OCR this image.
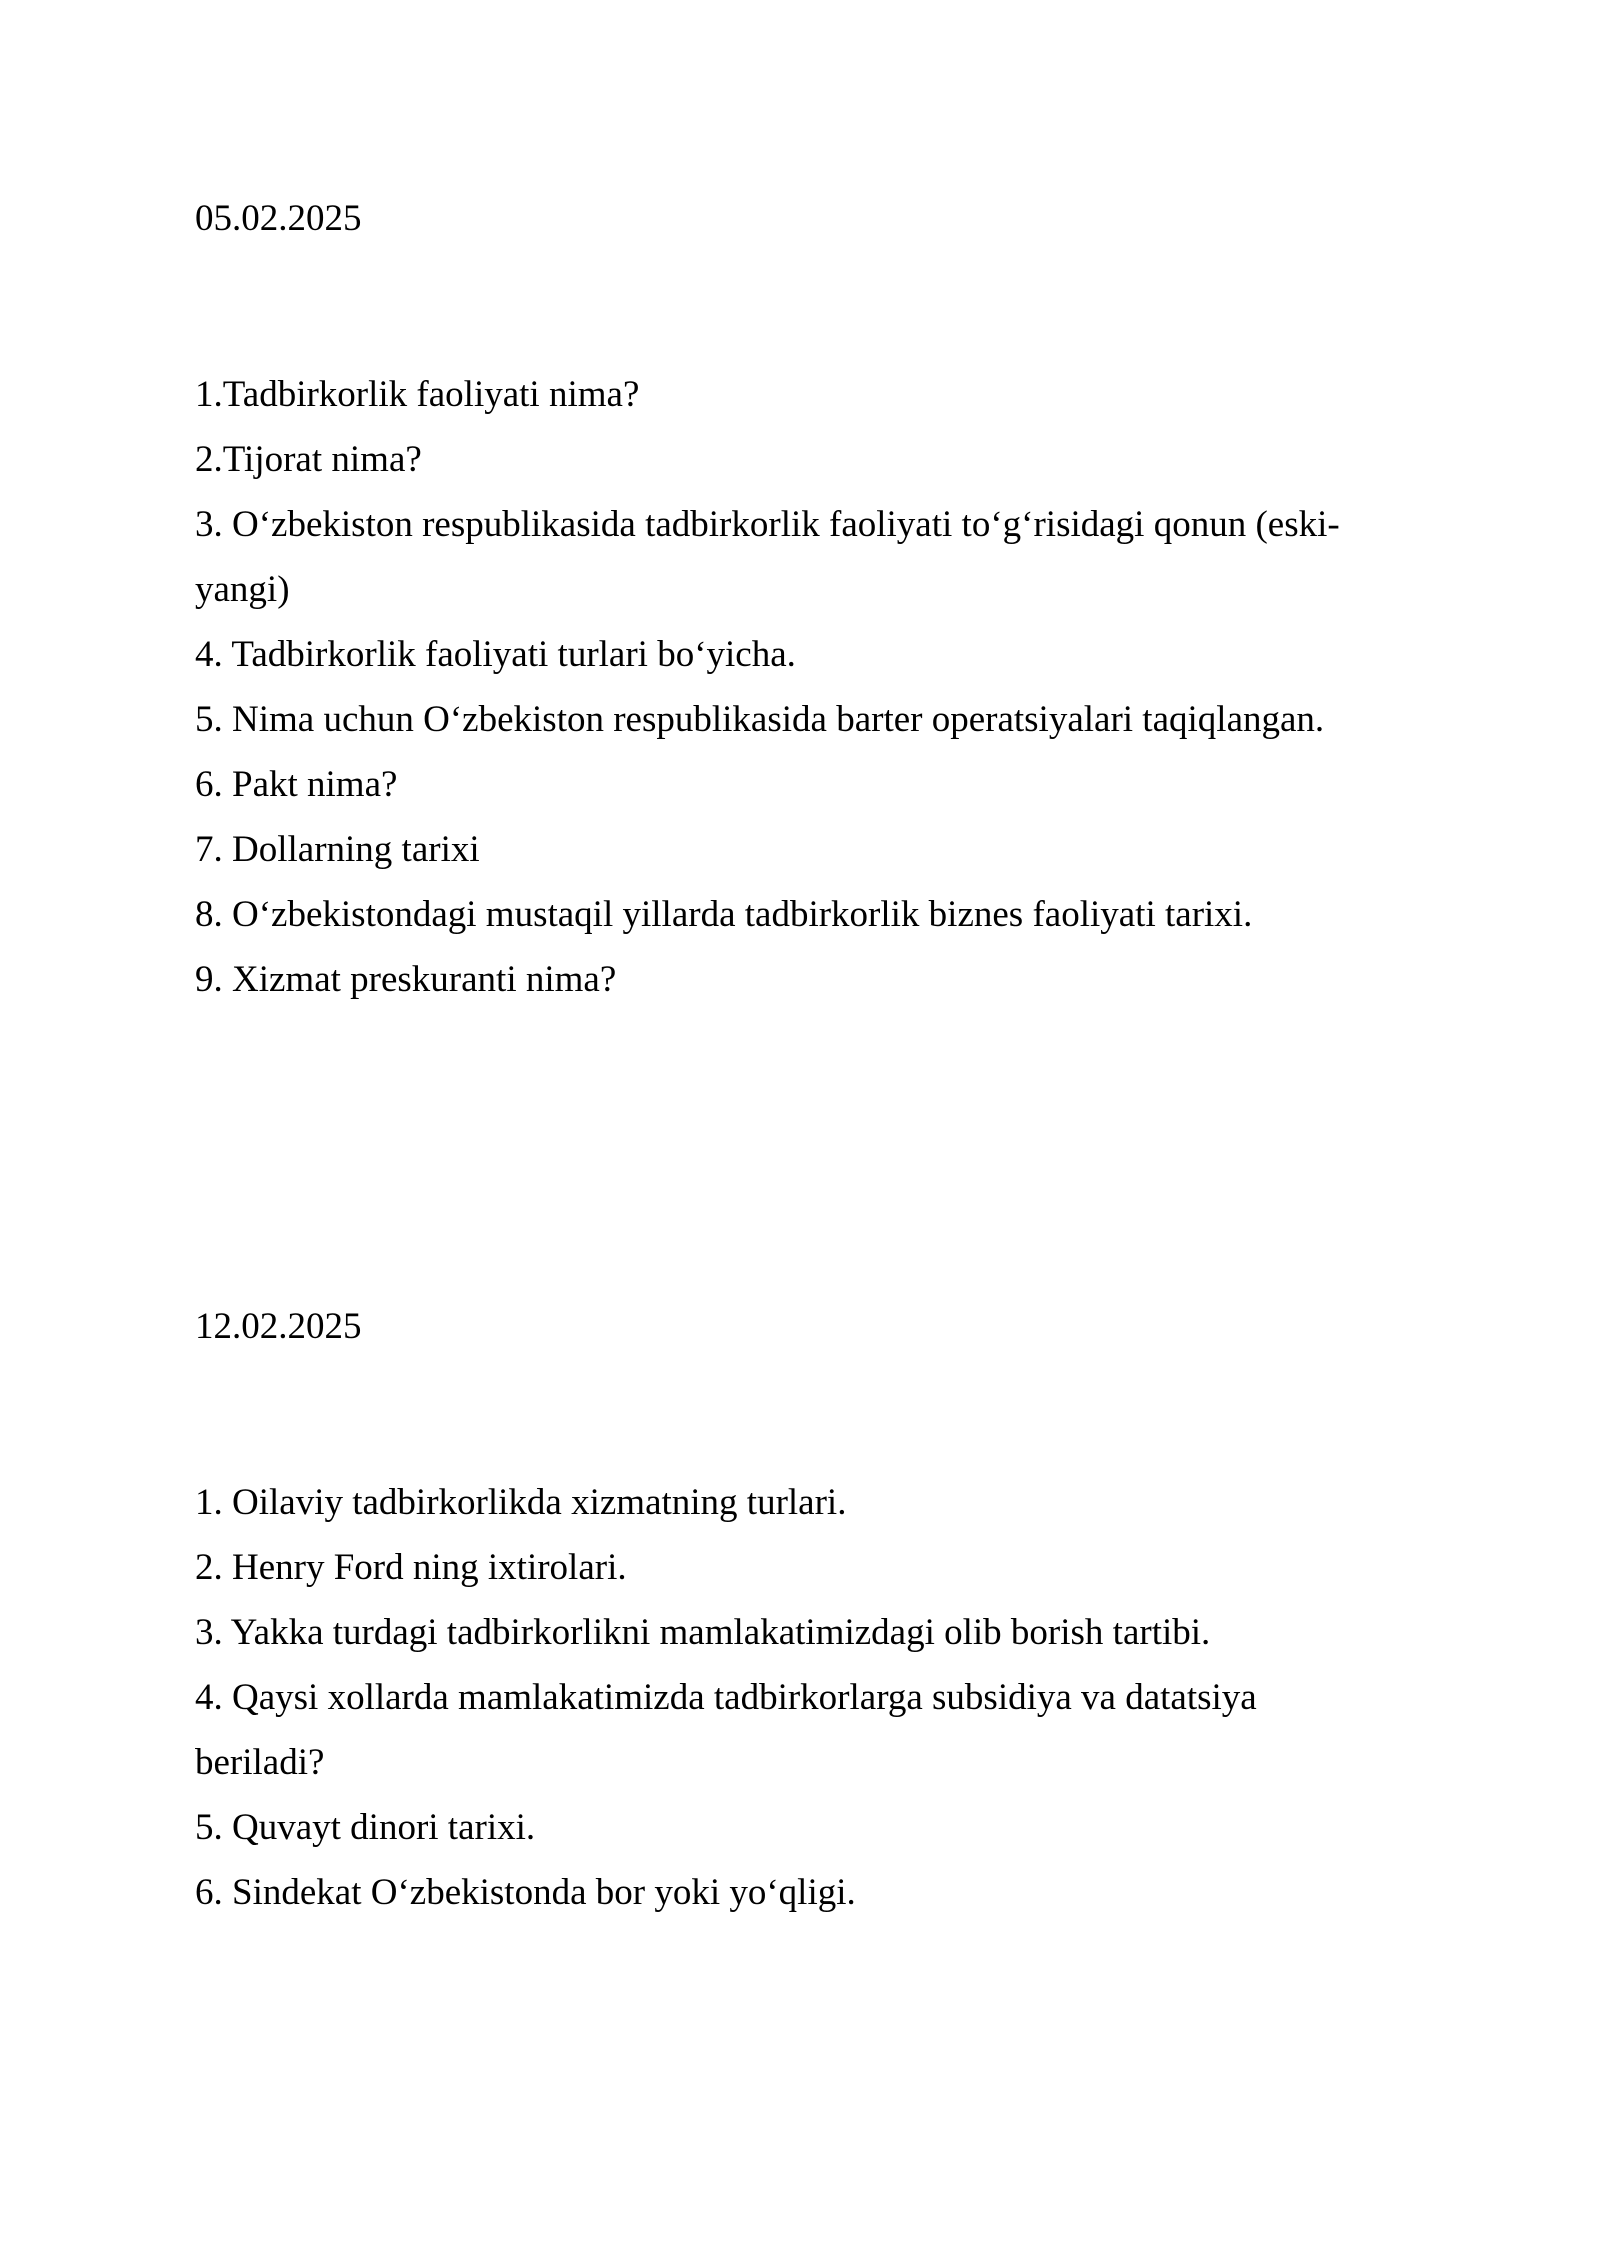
05.02.2025

1.Tadbirkorlik faoliyati nima?

2.Tijorat nima?

3. O‘zbekiston respublikasida tadbirkorlik faoliyati to‘g‘risidagi qonun (eski-yangi)

4. Tadbirkorlik faoliyati turlari bo‘yicha.

5. Nima uchun O‘zbekiston respublikasida barter operatsiyalari taqiqlangan.

6. Pakt nima?

7. Dollarning tarixi

8. O‘zbekistondagi mustaqil yillarda tadbirkorlik biznes faoliyati tarixi.

9. Xizmat preskuranti nima?

12.02.2025

1. Oilaviy tadbirkorlikda xizmatning turlari.

2. Henry Ford ning ixtirolari.

3. Yakka turdagi tadbirkorlikni mamlakatimizdagi olib borish tartibi.

4. Qaysi xollarda mamlakatimizda tadbirkorlarga subsidiya va datatsiya beriladi?

5. Quvayt dinori tarixi.

6. Sindekat O‘zbekistonda bor yoki yo‘qligi.
